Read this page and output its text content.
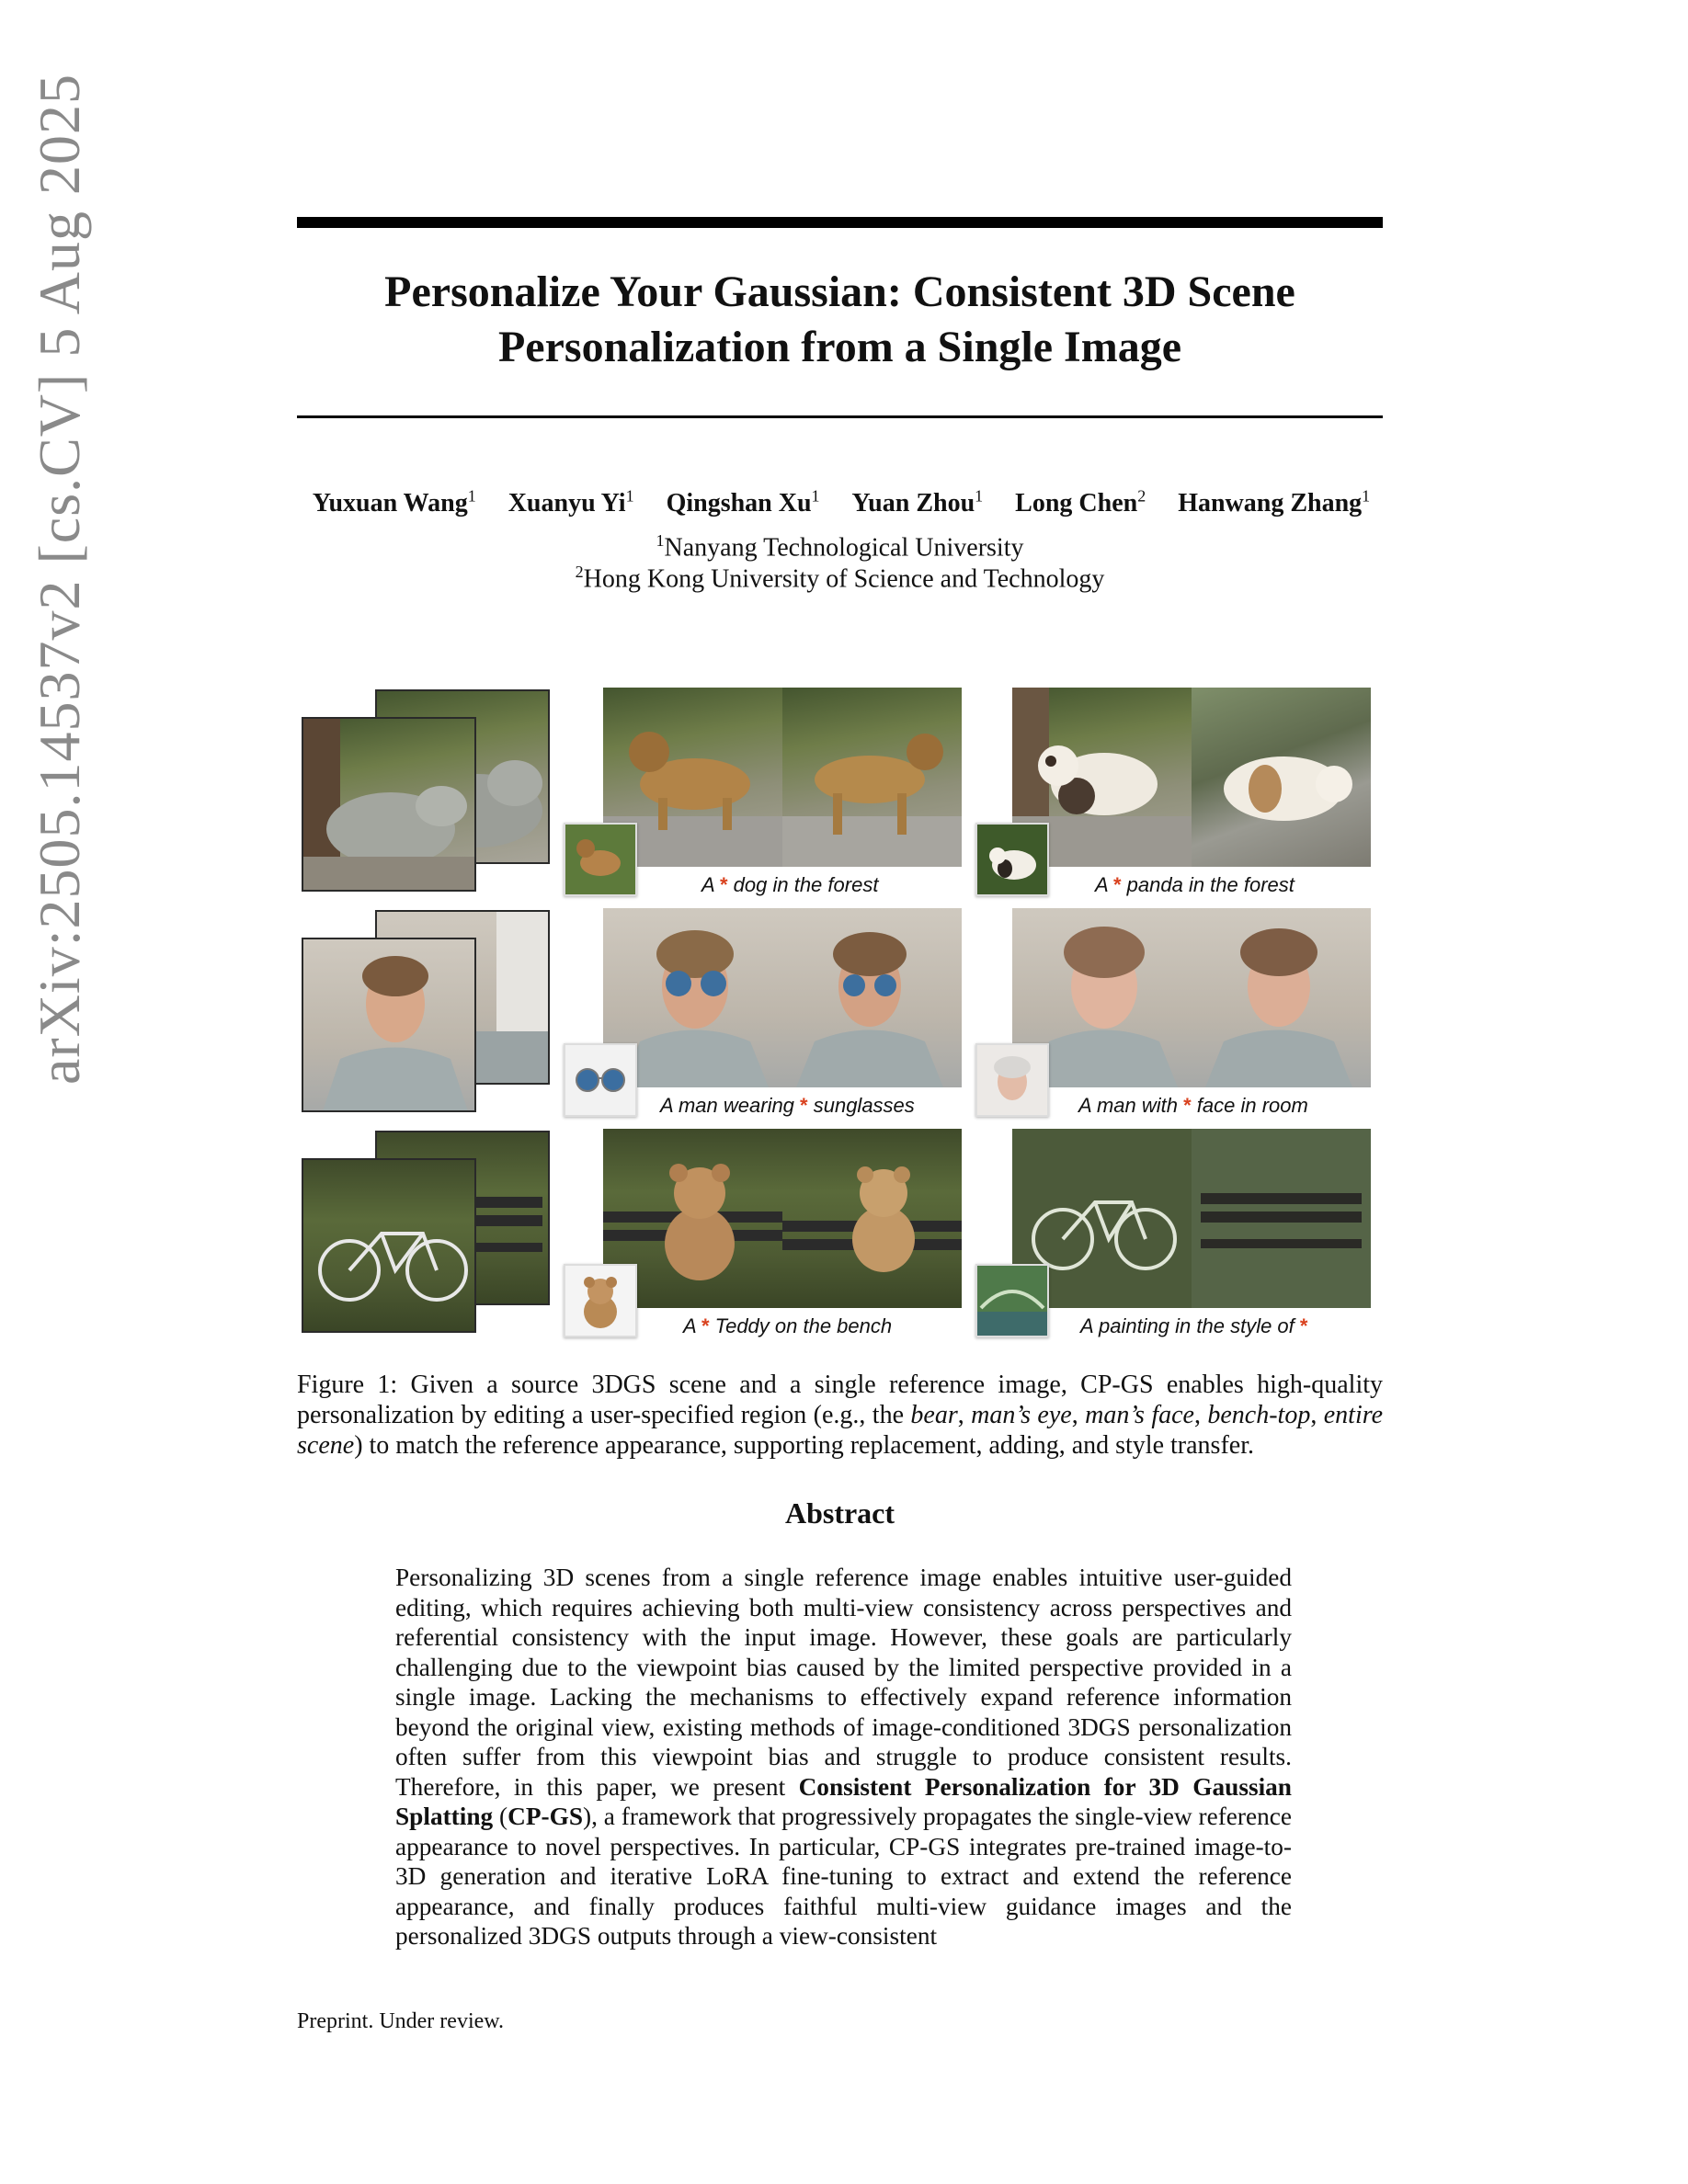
arXiv:2505.14537v2 [cs.CV] 5 Aug 2025	Personalize Your Gaussian: Consistent 3D Scene
Personalization from a Single Image
Yuxuan Wang$^1$ Xuanyu Yi$^1$ Qingshan Xu$^1$ Yuan Zhou$^1$ Long Chen$^2$ Hanwang Zhang$^1$
$^1$Nanyang Technological University
$^2$Hong Kong University of Science and Technology
A * dog in the forest	A * panda in the forest
A man wearing * sunglasses	A man with * face in room
A * Teddy on the bench	A painting in the style of *

Figure 1: Given a source 3DGS scene and a single reference image, CP-GS enables high-quality personalization by editing a user-specified region (e.g., the bear, man’s eye, man’s face, bench-top, entire scene) to match the reference appearance, supporting replacement, adding, and style transfer.

Abstract

Personalizing 3D scenes from a single reference image enables intuitive user-guided editing, which requires achieving both multi-view consistency across perspectives and referential consistency with the input image. However, these goals are particularly challenging due to the viewpoint bias caused by the limited perspective provided in a single image. Lacking the mechanisms to effectively expand reference information beyond the original view, existing methods of image-conditioned 3DGS personalization often suffer from this viewpoint bias and struggle to produce consistent results. Therefore, in this paper, we present Consistent Personalization for 3D Gaussian Splatting (CP-GS), a framework that progressively propagates the single-view reference appearance to novel perspectives. In particular, CP-GS integrates pre-trained image-to-3D generation and iterative LoRA fine-tuning to extract and extend the reference appearance, and finally produces faithful multi-view guidance images and the personalized 3DGS outputs through a view-consistent

Preprint. Under review.
